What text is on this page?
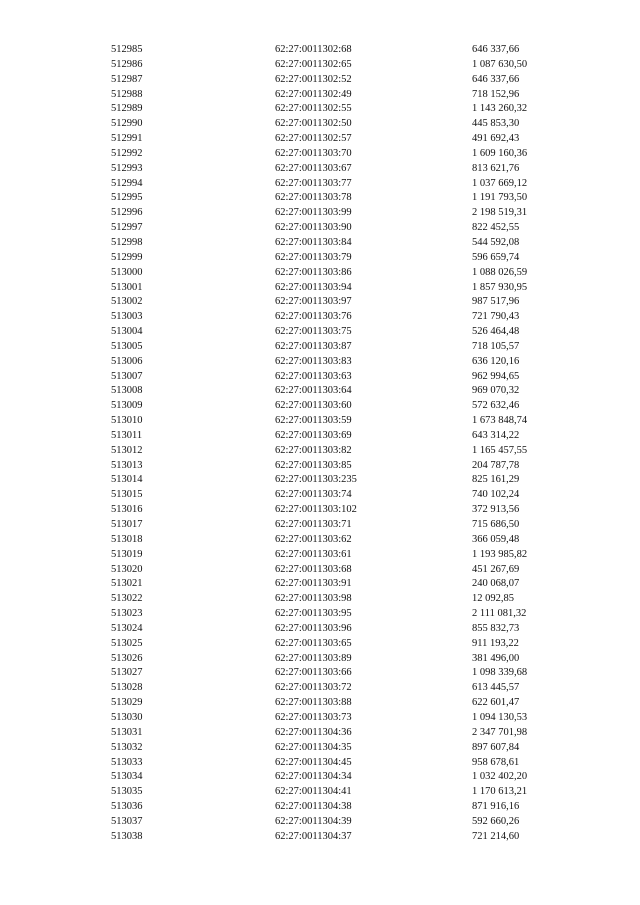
512985	62:27:0011302:68	646 337,66
512986	62:27:0011302:65	1 087 630,50
512987	62:27:0011302:52	646 337,66
512988	62:27:0011302:49	718 152,96
512989	62:27:0011302:55	1 143 260,32
512990	62:27:0011302:50	445 853,30
512991	62:27:0011302:57	491 692,43
512992	62:27:0011303:70	1 609 160,36
512993	62:27:0011303:67	813 621,76
512994	62:27:0011303:77	1 037 669,12
512995	62:27:0011303:78	1 191 793,50
512996	62:27:0011303:99	2 198 519,31
512997	62:27:0011303:90	822 452,55
512998	62:27:0011303:84	544 592,08
512999	62:27:0011303:79	596 659,74
513000	62:27:0011303:86	1 088 026,59
513001	62:27:0011303:94	1 857 930,95
513002	62:27:0011303:97	987 517,96
513003	62:27:0011303:76	721 790,43
513004	62:27:0011303:75	526 464,48
513005	62:27:0011303:87	718 105,57
513006	62:27:0011303:83	636 120,16
513007	62:27:0011303:63	962 994,65
513008	62:27:0011303:64	969 070,32
513009	62:27:0011303:60	572 632,46
513010	62:27:0011303:59	1 673 848,74
513011	62:27:0011303:69	643 314,22
513012	62:27:0011303:82	1 165 457,55
513013	62:27:0011303:85	204 787,78
513014	62:27:0011303:235	825 161,29
513015	62:27:0011303:74	740 102,24
513016	62:27:0011303:102	372 913,56
513017	62:27:0011303:71	715 686,50
513018	62:27:0011303:62	366 059,48
513019	62:27:0011303:61	1 193 985,82
513020	62:27:0011303:68	451 267,69
513021	62:27:0011303:91	240 068,07
513022	62:27:0011303:98	12 092,85
513023	62:27:0011303:95	2 111 081,32
513024	62:27:0011303:96	855 832,73
513025	62:27:0011303:65	911 193,22
513026	62:27:0011303:89	381 496,00
513027	62:27:0011303:66	1 098 339,68
513028	62:27:0011303:72	613 445,57
513029	62:27:0011303:88	622 601,47
513030	62:27:0011303:73	1 094 130,53
513031	62:27:0011304:36	2 347 701,98
513032	62:27:0011304:35	897 607,84
513033	62:27:0011304:45	958 678,61
513034	62:27:0011304:34	1 032 402,20
513035	62:27:0011304:41	1 170 613,21
513036	62:27:0011304:38	871 916,16
513037	62:27:0011304:39	592 660,26
513038	62:27:0011304:37	721 214,60
